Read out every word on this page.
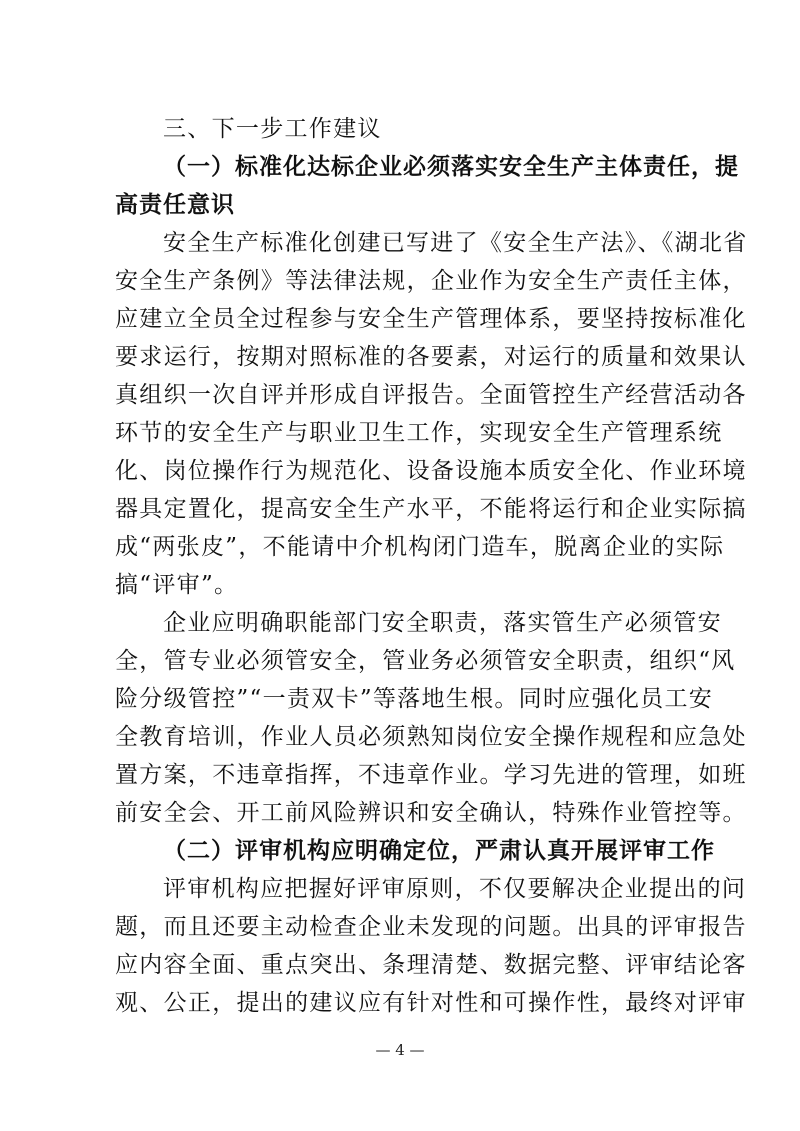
三、下一步工作建议
（一）标准化达标企业必须落实安全生产主体责任，提
高责任意识
安全生产标准化创建已写进了《安全生产法》、《湖北省
安全生产条例》等法律法规，企业作为安全生产责任主体，
应建立全员全过程参与安全生产管理体系，要坚持按标准化
要求运行，按期对照标准的各要素，对运行的质量和效果认
真组织一次自评并形成自评报告。全面管控生产经营活动各
环节的安全生产与职业卫生工作，实现安全生产管理系统
化、岗位操作行为规范化、设备设施本质安全化、作业环境
器具定置化，提高安全生产水平，不能将运行和企业实际搞
成“两张皮”，不能请中介机构闭门造车，脱离企业的实际
搞“评审”。
企业应明确职能部门安全职责，落实管生产必须管安
全，管专业必须管安全，管业务必须管安全职责，组织“风
险分级管控”“一责双卡”等落地生根。同时应强化员工安
全教育培训，作业人员必须熟知岗位安全操作规程和应急处
置方案，不违章指挥，不违章作业。学习先进的管理，如班
前安全会、开工前风险辨识和安全确认，特殊作业管控等。
（二）评审机构应明确定位，严肃认真开展评审工作
评审机构应把握好评审原则，不仅要解决企业提出的问
题，而且还要主动检查企业未发现的问题。出具的评审报告
应内容全面、重点突出、条理清楚、数据完整、评审结论客
观、公正，提出的建议应有针对性和可操作性，最终对评审
— 4 —
